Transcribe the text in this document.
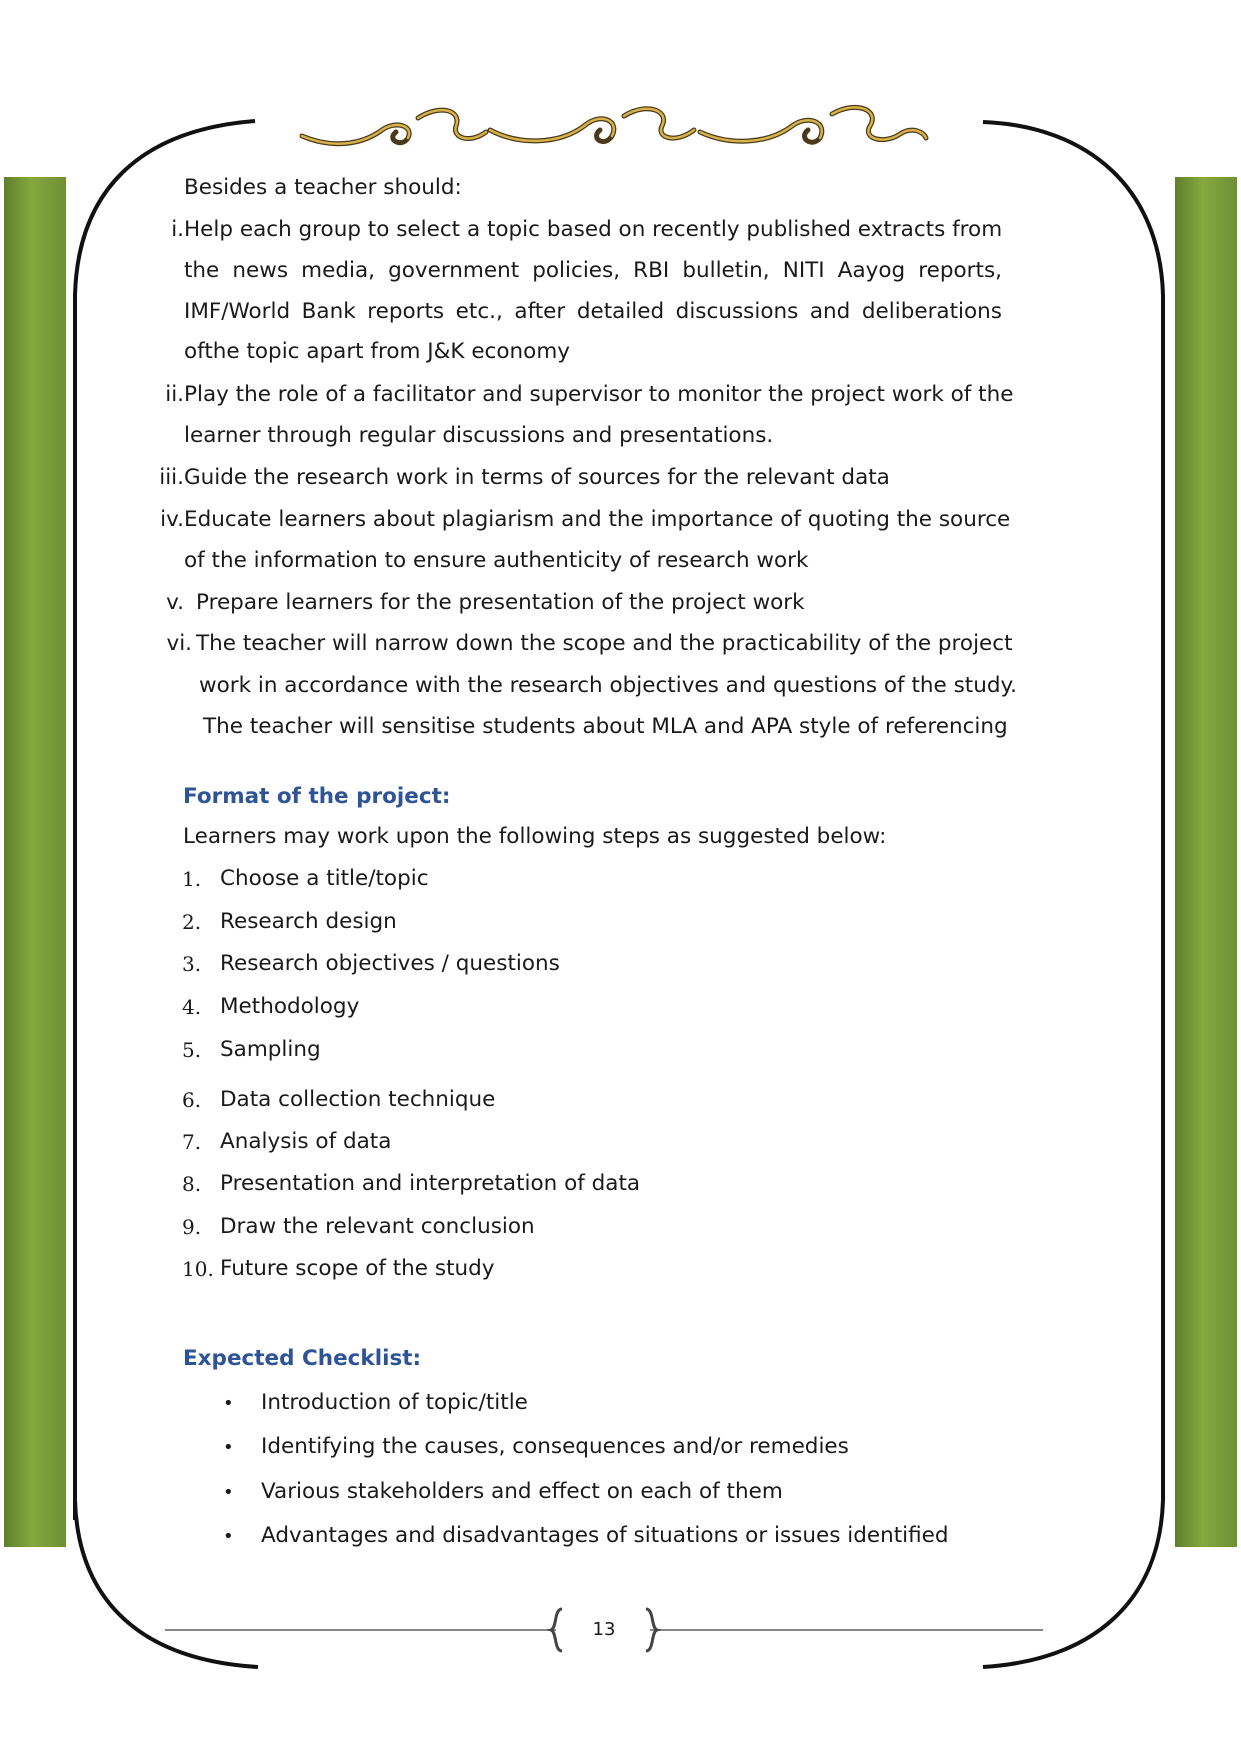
Besides a teacher should:
i. Help each group to select a topic based on recently published extracts from
the news media, government policies, RBI bulletin, NITI Aayog reports,
IMF/World Bank reports etc., after detailed discussions and deliberations
ofthe topic apart from J&K economy
ii. Play the role of a facilitator and supervisor to monitor the project work of the
learner through regular discussions and presentations.
iii. Guide the research work in terms of sources for the relevant data
iv. Educate learners about plagiarism and the importance of quoting the source
of the information to ensure authenticity of research work
v. Prepare learners for the presentation of the project work
vi. The teacher will narrow down the scope and the practicability of the project
work in accordance with the research objectives and questions of the study.
The teacher will sensitise students about MLA and APA style of referencing
Format of the project:
Learners may work upon the following steps as suggested below:
1. Choose a title/topic
2. Research design
3. Research objectives / questions
4. Methodology
5. Sampling
6. Data collection technique
7. Analysis of data
8. Presentation and interpretation of data
9. Draw the relevant conclusion
10. Future scope of the study
Expected Checklist:
• Introduction of topic/title
• Identifying the causes, consequences and/or remedies
• Various stakeholders and effect on each of them
• Advantages and disadvantages of situations or issues identified
13
